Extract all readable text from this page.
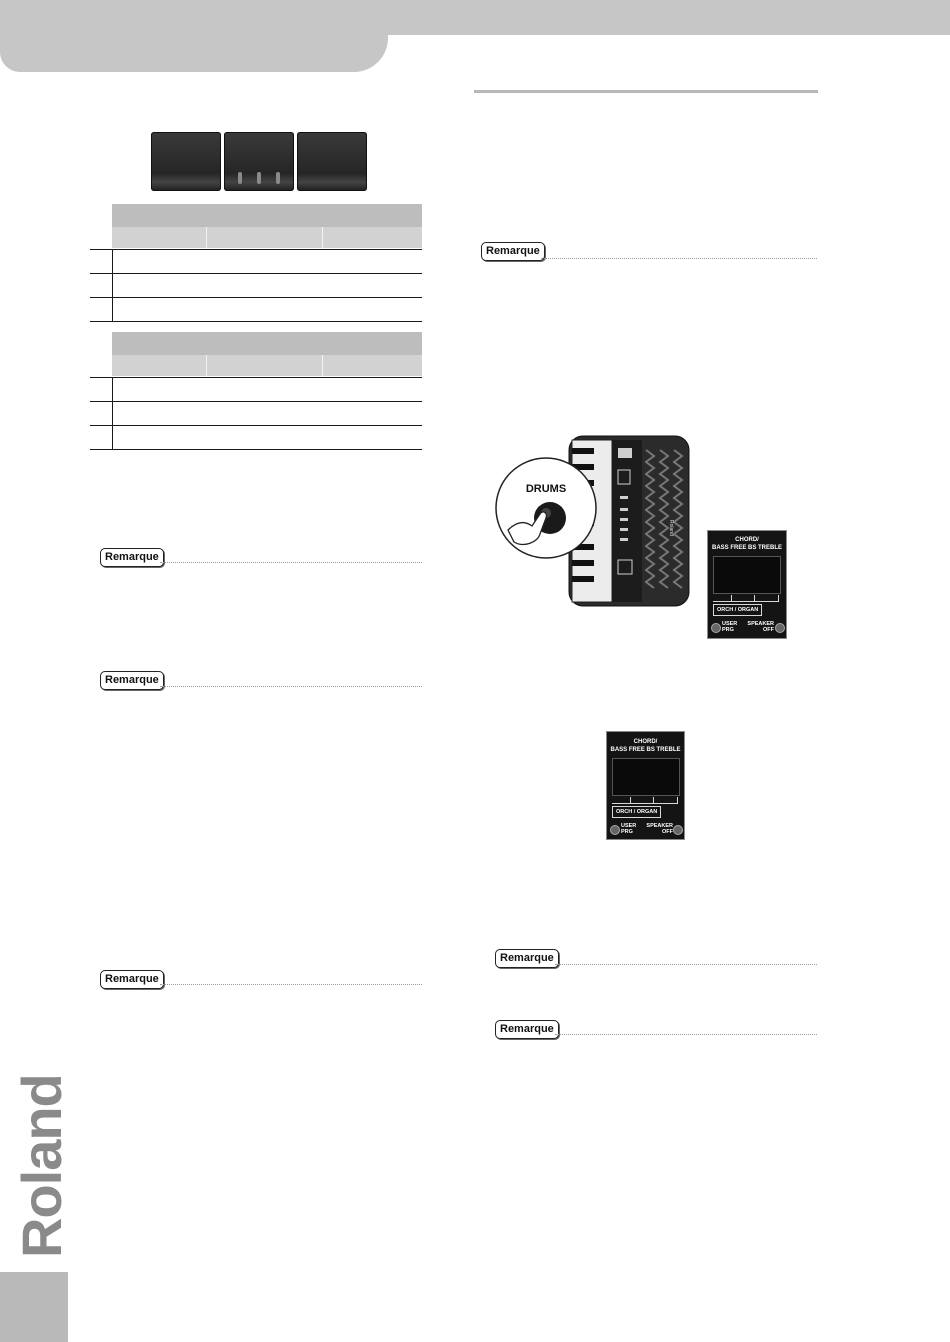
Remarque
Remarque
Remarque
Remarque
Remarque
Remarque
Roland
DRUMS
CHORD/
BASS FREE BS TREBLE
ORCH / ORGAN
USER PRG
SPEAKER OFF
CHORD/
BASS FREE BS TREBLE
ORCH / ORGAN
USER PRG
SPEAKER OFF
Roland
